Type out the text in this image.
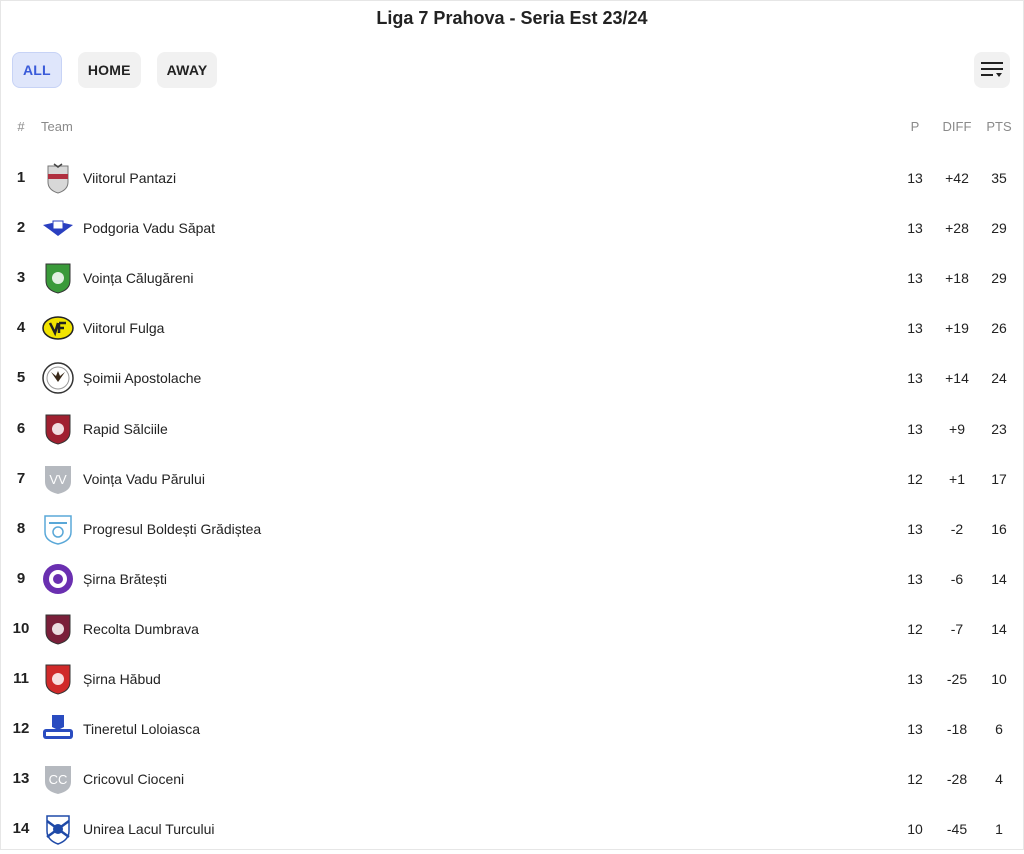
Liga 7 Prahova - Seria Est 23/24
ALL	HOME	AWAY
#	Team	P	DIFF	PTS
1	Viitorul Pantazi	13	+42	35
2	Podgoria Vadu Săpat	13	+28	29
3	Voința Călugăreni	13	+18	29
4	Viitorul Fulga	13	+19	26
5	Șoimii Apostolache	13	+14	24
6	Rapid Sălciile	13	+9	23
7	VV Voința Vadu Părului	12	+1	17
8	Progresul Boldești Grădiștea	13	-2	16
9	Șirna Brătești	13	-6	14
10	Recolta Dumbrava	12	-7	14
11	Șirna Hăbud	13	-25	10
12	Tineretul Loloiasca	13	-18	6
13	CC Cricovul Cioceni	12	-28	4
14	Unirea Lacul Turcului	10	-45	1
